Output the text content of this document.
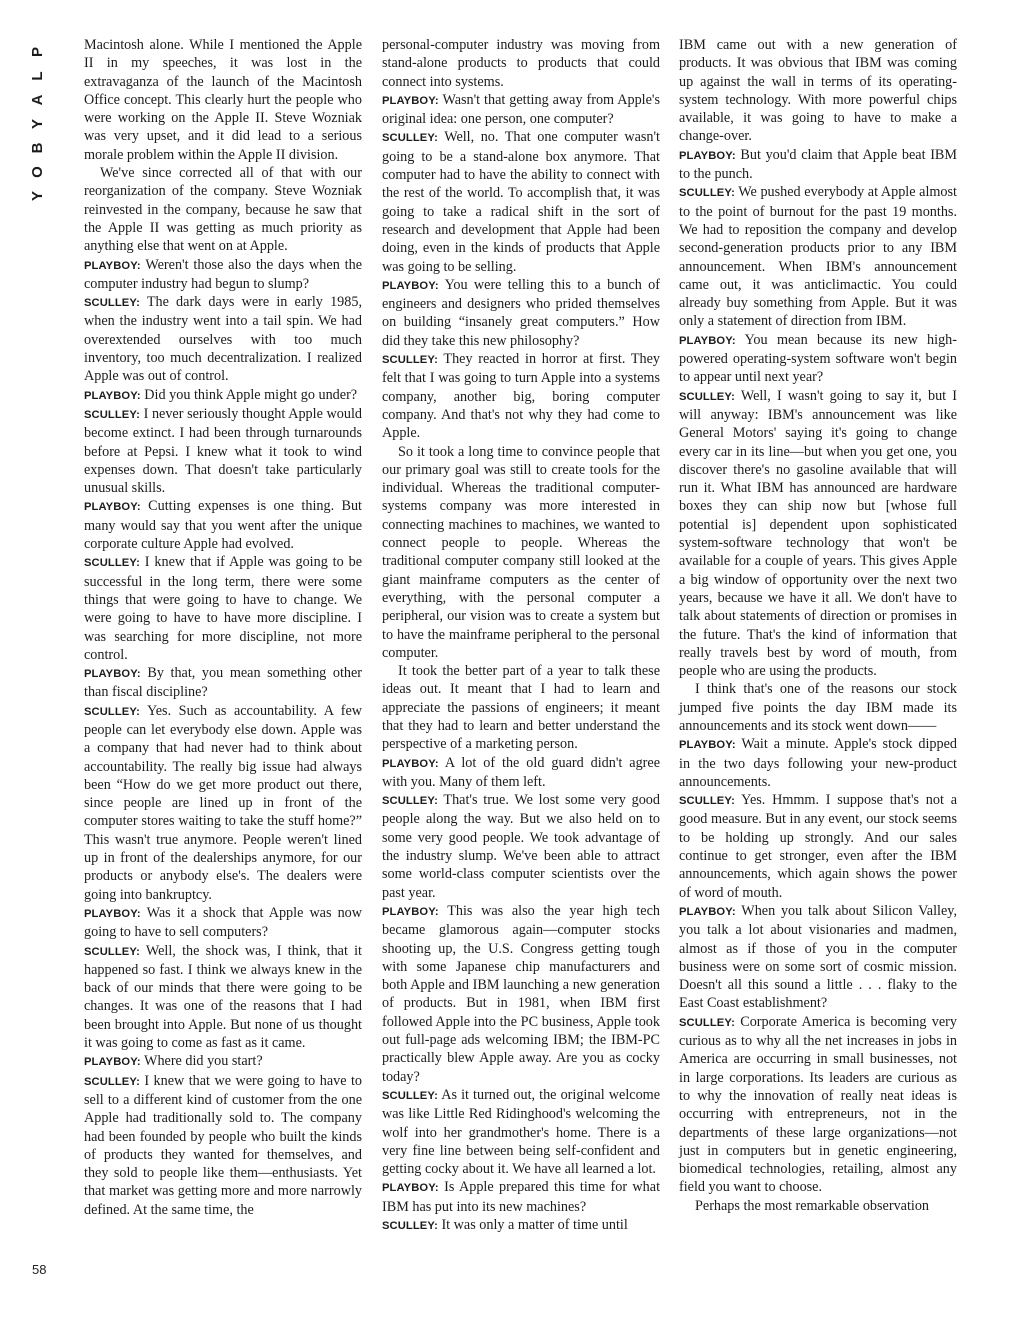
P
L
A
Y
B
O
Y
58

Macintosh alone. While I mentioned the Apple II in my speeches, it was lost in the extravaganza of the launch of the Macintosh Office concept. This clearly hurt the people who were working on the Apple II. Steve Wozniak was very upset, and it did lead to a serious morale problem within the Apple II division.

We've since corrected all of that with our reorganization of the company. Steve Wozniak reinvested in the company, because he saw that the Apple II was getting as much priority as anything else that went on at Apple.

PLAYBOY: Weren't those also the days when the computer industry had begun to slump?

SCULLEY: The dark days were in early 1985, when the industry went into a tail spin. We had overextended ourselves with too much inventory, too much decentralization. I realized Apple was out of control.

PLAYBOY: Did you think Apple might go under?

SCULLEY: I never seriously thought Apple would become extinct. I had been through turnarounds before at Pepsi. I knew what it took to wind expenses down. That doesn't take particularly unusual skills.

PLAYBOY: Cutting expenses is one thing. But many would say that you went after the unique corporate culture Apple had evolved.

SCULLEY: I knew that if Apple was going to be successful in the long term, there were some things that were going to have to change. We were going to have to have more discipline. I was searching for more discipline, not more control.

PLAYBOY: By that, you mean something other than fiscal discipline?

SCULLEY: Yes. Such as accountability. A few people can let everybody else down. Apple was a company that had never had to think about accountability. The really big issue had always been “How do we get more product out there, since people are lined up in front of the computer stores waiting to take the stuff home?” This wasn't true anymore. People weren't lined up in front of the dealerships anymore, for our products or anybody else's. The dealers were going into bankruptcy.

PLAYBOY: Was it a shock that Apple was now going to have to sell computers?

SCULLEY: Well, the shock was, I think, that it happened so fast. I think we always knew in the back of our minds that there were going to be changes. It was one of the reasons that I had been brought into Apple. But none of us thought it was going to come as fast as it came.

PLAYBOY: Where did you start?

SCULLEY: I knew that we were going to have to sell to a different kind of customer from the one Apple had traditionally sold to. The company had been founded by people who built the kinds of products they wanted for themselves, and they sold to people like them—enthusiasts. Yet that market was getting more and more narrowly defined. At the same time, the

personal-computer industry was moving from stand-alone products to products that could connect into systems.

PLAYBOY: Wasn't that getting away from Apple's original idea: one person, one computer?

SCULLEY: Well, no. That one computer wasn't going to be a stand-alone box anymore. That computer had to have the ability to connect with the rest of the world. To accomplish that, it was going to take a radical shift in the sort of research and development that Apple had been doing, even in the kinds of products that Apple was going to be selling.

PLAYBOY: You were telling this to a bunch of engineers and designers who prided themselves on building “insanely great computers.” How did they take this new philosophy?

SCULLEY: They reacted in horror at first. They felt that I was going to turn Apple into a systems company, another big, boring computer company. And that's not why they had come to Apple.

So it took a long time to convince people that our primary goal was still to create tools for the individual. Whereas the traditional computer-systems company was more interested in connecting machines to machines, we wanted to connect people to people. Whereas the traditional computer company still looked at the giant mainframe computers as the center of everything, with the personal computer a peripheral, our vision was to create a system but to have the mainframe peripheral to the personal computer.

It took the better part of a year to talk these ideas out. It meant that I had to learn and appreciate the passions of engineers; it meant that they had to learn and better understand the perspective of a marketing person.

PLAYBOY: A lot of the old guard didn't agree with you. Many of them left.

SCULLEY: That's true. We lost some very good people along the way. But we also held on to some very good people. We took advantage of the industry slump. We've been able to attract some world-class computer scientists over the past year.

PLAYBOY: This was also the year high tech became glamorous again—computer stocks shooting up, the U.S. Congress getting tough with some Japanese chip manufacturers and both Apple and IBM launching a new generation of products. But in 1981, when IBM first followed Apple into the PC business, Apple took out full-page ads welcoming IBM; the IBM-PC practically blew Apple away. Are you as cocky today?

SCULLEY: As it turned out, the original welcome was like Little Red Ridinghood's welcoming the wolf into her grandmother's home. There is a very fine line between being self-confident and getting cocky about it. We have all learned a lot.

PLAYBOY: Is Apple prepared this time for what IBM has put into its new machines?

SCULLEY: It was only a matter of time until

IBM came out with a new generation of products. It was obvious that IBM was coming up against the wall in terms of its operating-system technology. With more powerful chips available, it was going to have to make a change-over.

PLAYBOY: But you'd claim that Apple beat IBM to the punch.

SCULLEY: We pushed everybody at Apple almost to the point of burnout for the past 19 months. We had to reposition the company and develop second-generation products prior to any IBM announcement. When IBM's announcement came out, it was anticlimactic. You could already buy something from Apple. But it was only a statement of direction from IBM.

PLAYBOY: You mean because its new high-powered operating-system software won't begin to appear until next year?

SCULLEY: Well, I wasn't going to say it, but I will anyway: IBM's announcement was like General Motors' saying it's going to change every car in its line—but when you get one, you discover there's no gasoline available that will run it. What IBM has announced are hardware boxes they can ship now but [whose full potential is] dependent upon sophisticated system-software technology that won't be available for a couple of years. This gives Apple a big window of opportunity over the next two years, because we have it all. We don't have to talk about statements of direction or promises in the future. That's the kind of information that really travels best by word of mouth, from people who are using the products.

I think that's one of the reasons our stock jumped five points the day IBM made its announcements and its stock went down——

PLAYBOY: Wait a minute. Apple's stock dipped in the two days following your new-product announcements.

SCULLEY: Yes. Hmmm. I suppose that's not a good measure. But in any event, our stock seems to be holding up strongly. And our sales continue to get stronger, even after the IBM announcements, which again shows the power of word of mouth.

PLAYBOY: When you talk about Silicon Valley, you talk a lot about visionaries and madmen, almost as if those of you in the computer business were on some sort of cosmic mission. Doesn't all this sound a little . . . flaky to the East Coast establishment?

SCULLEY: Corporate America is becoming very curious as to why all the net increases in jobs in America are occurring in small businesses, not in large corporations. Its leaders are curious as to why the innovation of really neat ideas is occurring with entrepreneurs, not in the departments of these large organizations—not just in computers but in genetic engineering, biomedical technologies, retailing, almost any field you want to choose.

Perhaps the most remarkable observation
